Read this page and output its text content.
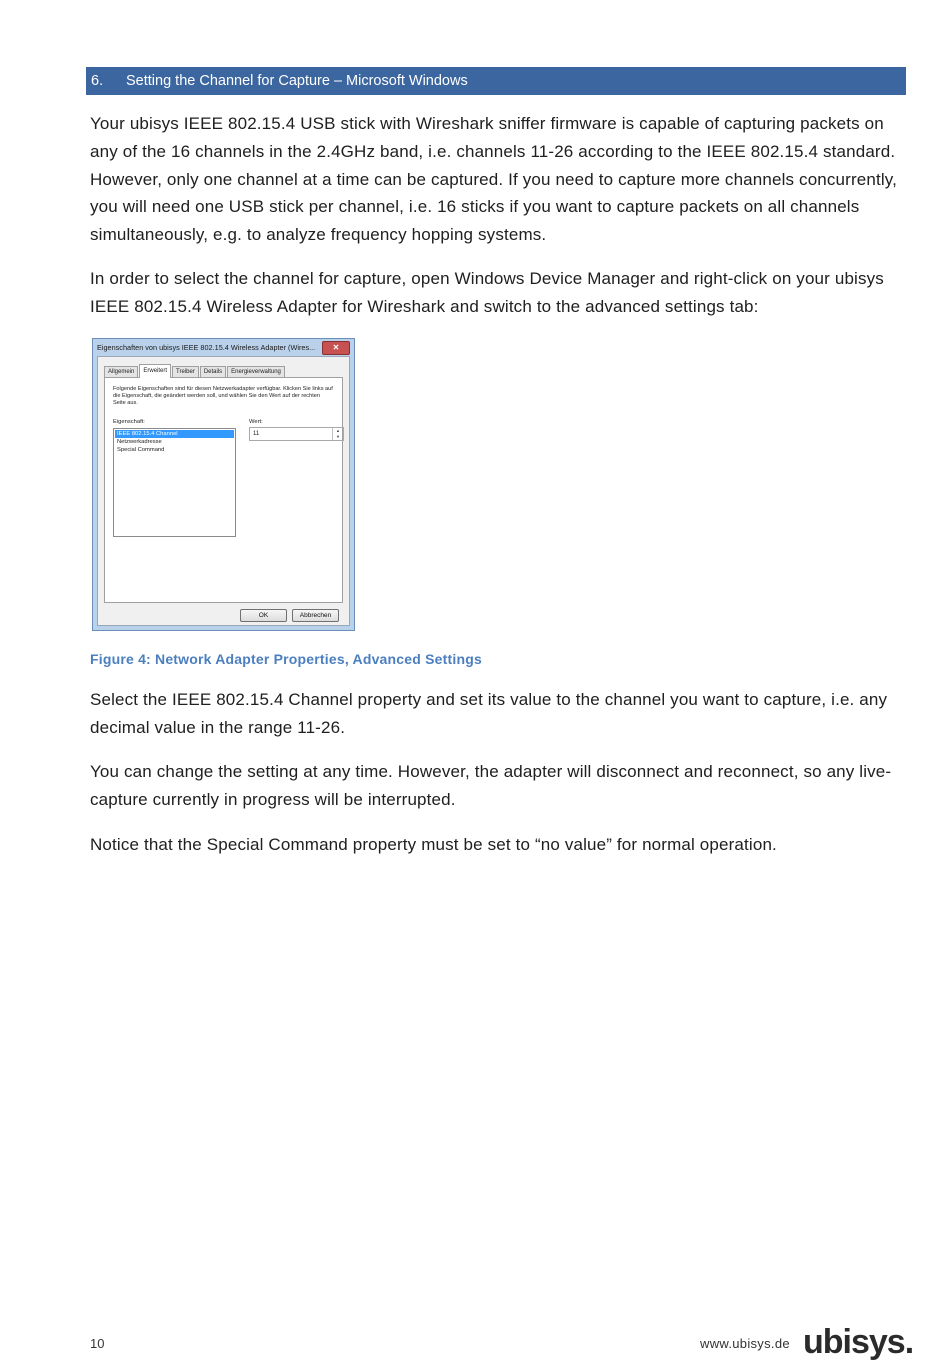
6.	Setting the Channel for Capture – Microsoft Windows

Your ubisys IEEE 802.15.4 USB stick with Wireshark sniffer firmware is capable of capturing packets on any of the 16 channels in the 2.4GHz band, i.e. channels 11-26 according to the IEEE 802.15.4 standard. However, only one channel at a time can be captured. If you need to capture more channels concurrently, you will need one USB stick per channel, i.e. 16 sticks if you want to capture packets on all channels simultaneously, e.g. to analyze frequency hopping systems.

In order to select the channel for capture, open Windows Device Manager and right-click on your ubisys IEEE 802.15.4 Wireless Adapter for Wireshark and switch to the advanced settings tab:

Eigenschaften von ubisys IEEE 802.15.4 Wireless Adapter (Wires...	✕
Allgemein	Erweitert	Treiber	Details	Energieverwaltung
Folgende Eigenschaften sind für diesen Netzwerkadapter verfügbar. Klicken Sie links auf die Eigenschaft, die geändert werden soll, und wählen Sie den Wert auf der rechten Seite aus.
Eigenschaft:	Wert:
IEEE 802.15.4 Channel
Netzwerkadresse
Special Command
11
▲
▼
OK	Abbrechen

Figure 4: Network Adapter Properties, Advanced Settings

Select the IEEE 802.15.4 Channel property and set its value to the channel you want to capture, i.e. any decimal value in the range 11-26.

You can change the setting at any time. However, the adapter will disconnect and reconnect, so any live-capture currently in progress will be interrupted.

Notice that the Special Command property must be set to “no value” for normal operation.

10	www.ubisys.de ubisys.
